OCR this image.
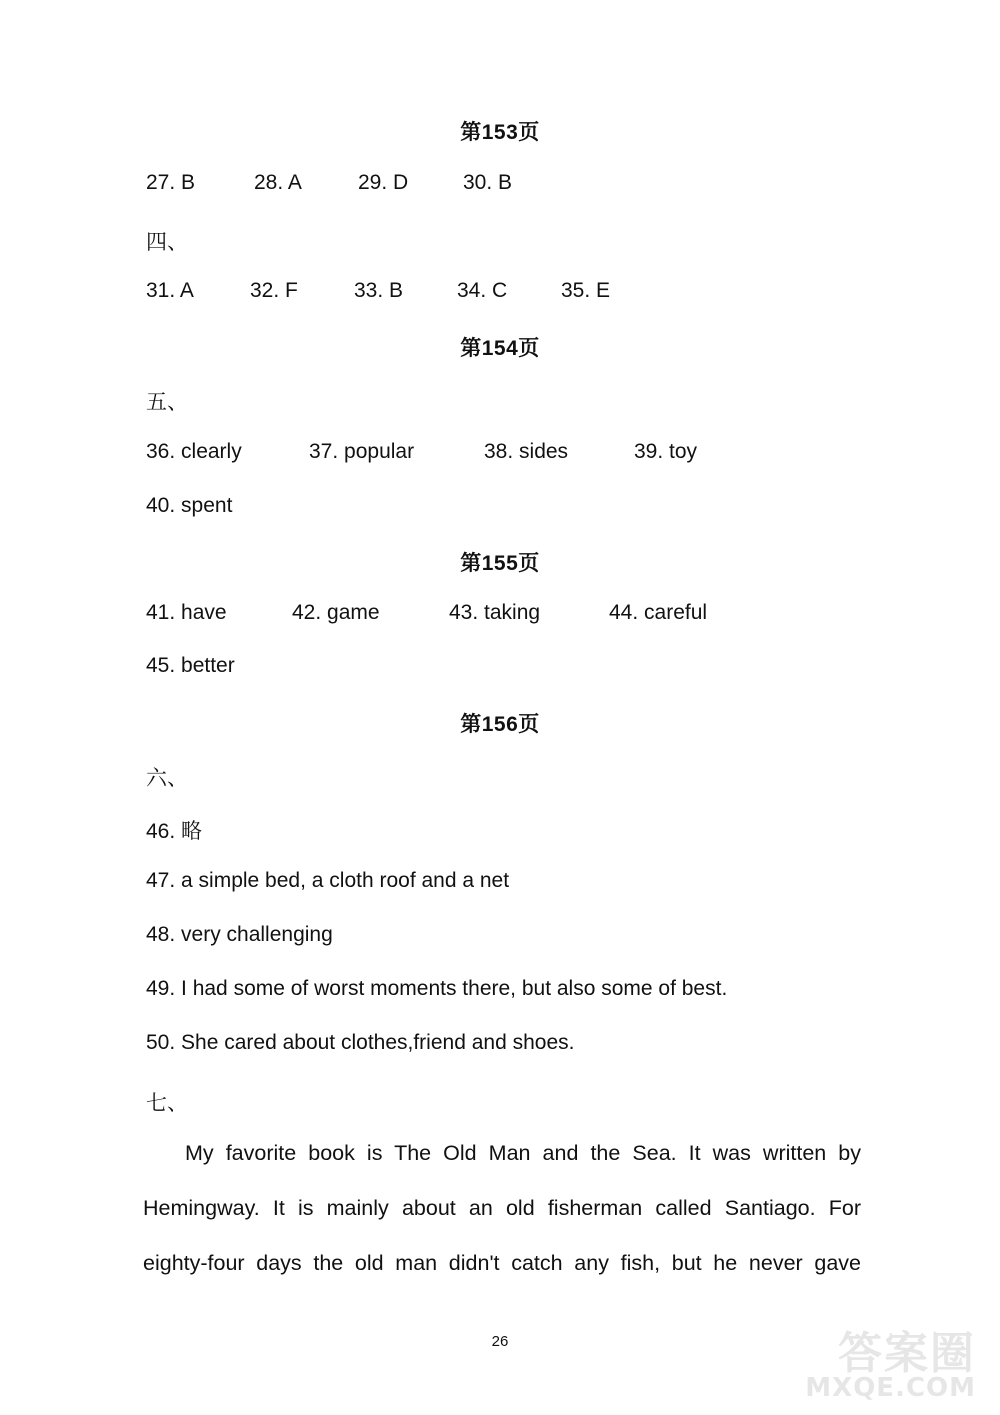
第153页
27. B	28. A	29. D	30. B
四、
31. A	32. F	33. B	34. C	35. E
第154页
五、
36. clearly	37. popular	38. sides	39. toy
40. spent
第155页
41. have	42. game	43. taking	44. careful
45. better
第156页
六、
46. 略
47. a simple bed, a cloth roof and a net
48. very challenging
49. I had some of worst moments there, but also some of best.
50. She cared about clothes,friend and shoes.
七、
My favorite book is The Old Man and the Sea. It was written by
Hemingway. It is mainly about an old fisherman called Santiago. For
eighty-four days the old man didn't catch any fish, but he never gave
26	答案圈
MXQE.COM
